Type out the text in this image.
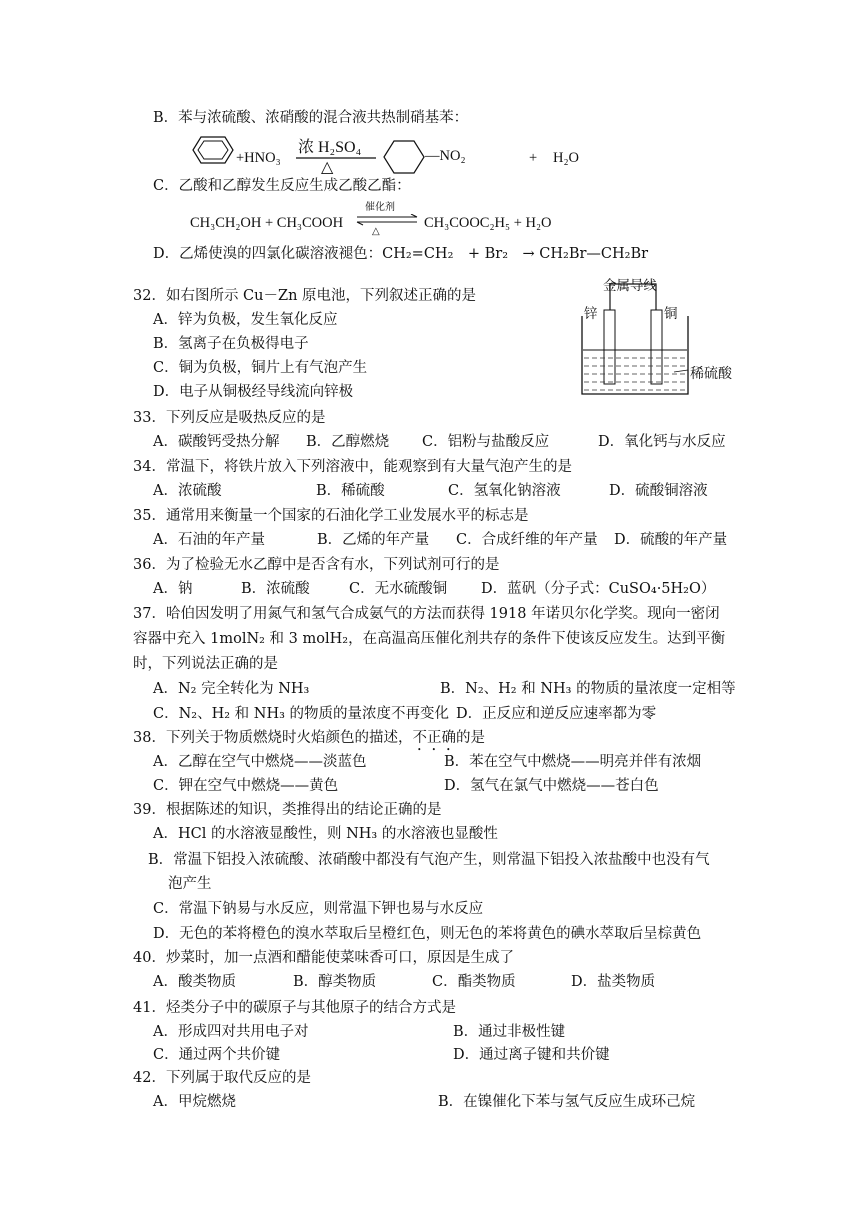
B．苯与浓硫酸、浓硝酸的混合液共热制硝基苯：
+HNO₃
浓 H₂SO₄
△
—NO₂	+ H₂O
C．乙酸和乙醇发生反应生成乙酸乙酯：
CH₃CH₂OH + CH₃COOH
催化剂
△
CH₃COOC₂H₅ + H₂O
D．乙烯使溴的四氯化碳溶液褪色：CH₂=CH₂　+ Br₂　→ CH₂Br—CH₂Br
金属导线
锌	铜
稀硫酸
32．如右图所示 Cu－Zn 原电池，下列叙述正确的是
A．锌为负极，发生氧化反应
B．氢离子在负极得电子
C．铜为负极，铜片上有气泡产生
D．电子从铜极经导线流向锌极
33．下列反应是吸热反应的是
A．碳酸钙受热分解 B．乙醇燃烧 C．铝粉与盐酸反应	D．氧化钙与水反应
34．常温下，将铁片放入下列溶液中，能观察到有大量气泡产生的是
A．浓硫酸	B．稀硫酸	C．氢氧化钠溶液	D．硫酸铜溶液
35．通常用来衡量一个国家的石油化学工业发展水平的标志是
A．石油的年产量	B．乙烯的年产量 C．合成纤维的年产量 D．硫酸的年产量
36．为了检验无水乙醇中是否含有水，下列试剂可行的是
A．钠	B．浓硫酸	C．无水硫酸铜 D．蓝矾（分子式：CuSO₄·5H₂O）
37．哈伯因发明了用氮气和氢气合成氨气的方法而获得 1918 年诺贝尔化学奖。现向一密闭
容器中充入 1molN₂ 和 3 molH₂，在高温高压催化剂共存的条件下使该反应发生。达到平衡
时，下列说法正确的是
A．N₂ 完全转化为 NH₃	B．N₂、H₂ 和 NH₃ 的物质的量浓度一定相等
C．N₂、H₂ 和 NH₃ 的物质的量浓度不再变化 D．正反应和逆反应速率都为零
38．下列关于物质燃烧时火焰颜色的描述，不正确的是
A．乙醇在空气中燃烧——淡蓝色	B．苯在空气中燃烧——明亮并伴有浓烟
C．钾在空气中燃烧——黄色	D．氢气在氯气中燃烧——苍白色
39．根据陈述的知识，类推得出的结论正确的是
A．HCl 的水溶液显酸性，则 NH₃ 的水溶液也显酸性
B．常温下铝投入浓硫酸、浓硝酸中都没有气泡产生，则常温下铝投入浓盐酸中也没有气
泡产生
C．常温下钠易与水反应，则常温下钾也易与水反应
D．无色的苯将橙色的溴水萃取后呈橙红色，则无色的苯将黄色的碘水萃取后呈棕黄色
40．炒菜时，加一点酒和醋能使菜味香可口，原因是生成了
A．酸类物质	B．醇类物质	C．酯类物质	D．盐类物质
41．烃类分子中的碳原子与其他原子的结合方式是
A．形成四对共用电子对	B．通过非极性键
C．通过两个共价键	D．通过离子键和共价键
42．下列属于取代反应的是
A．甲烷燃烧	B．在镍催化下苯与氢气反应生成环己烷
